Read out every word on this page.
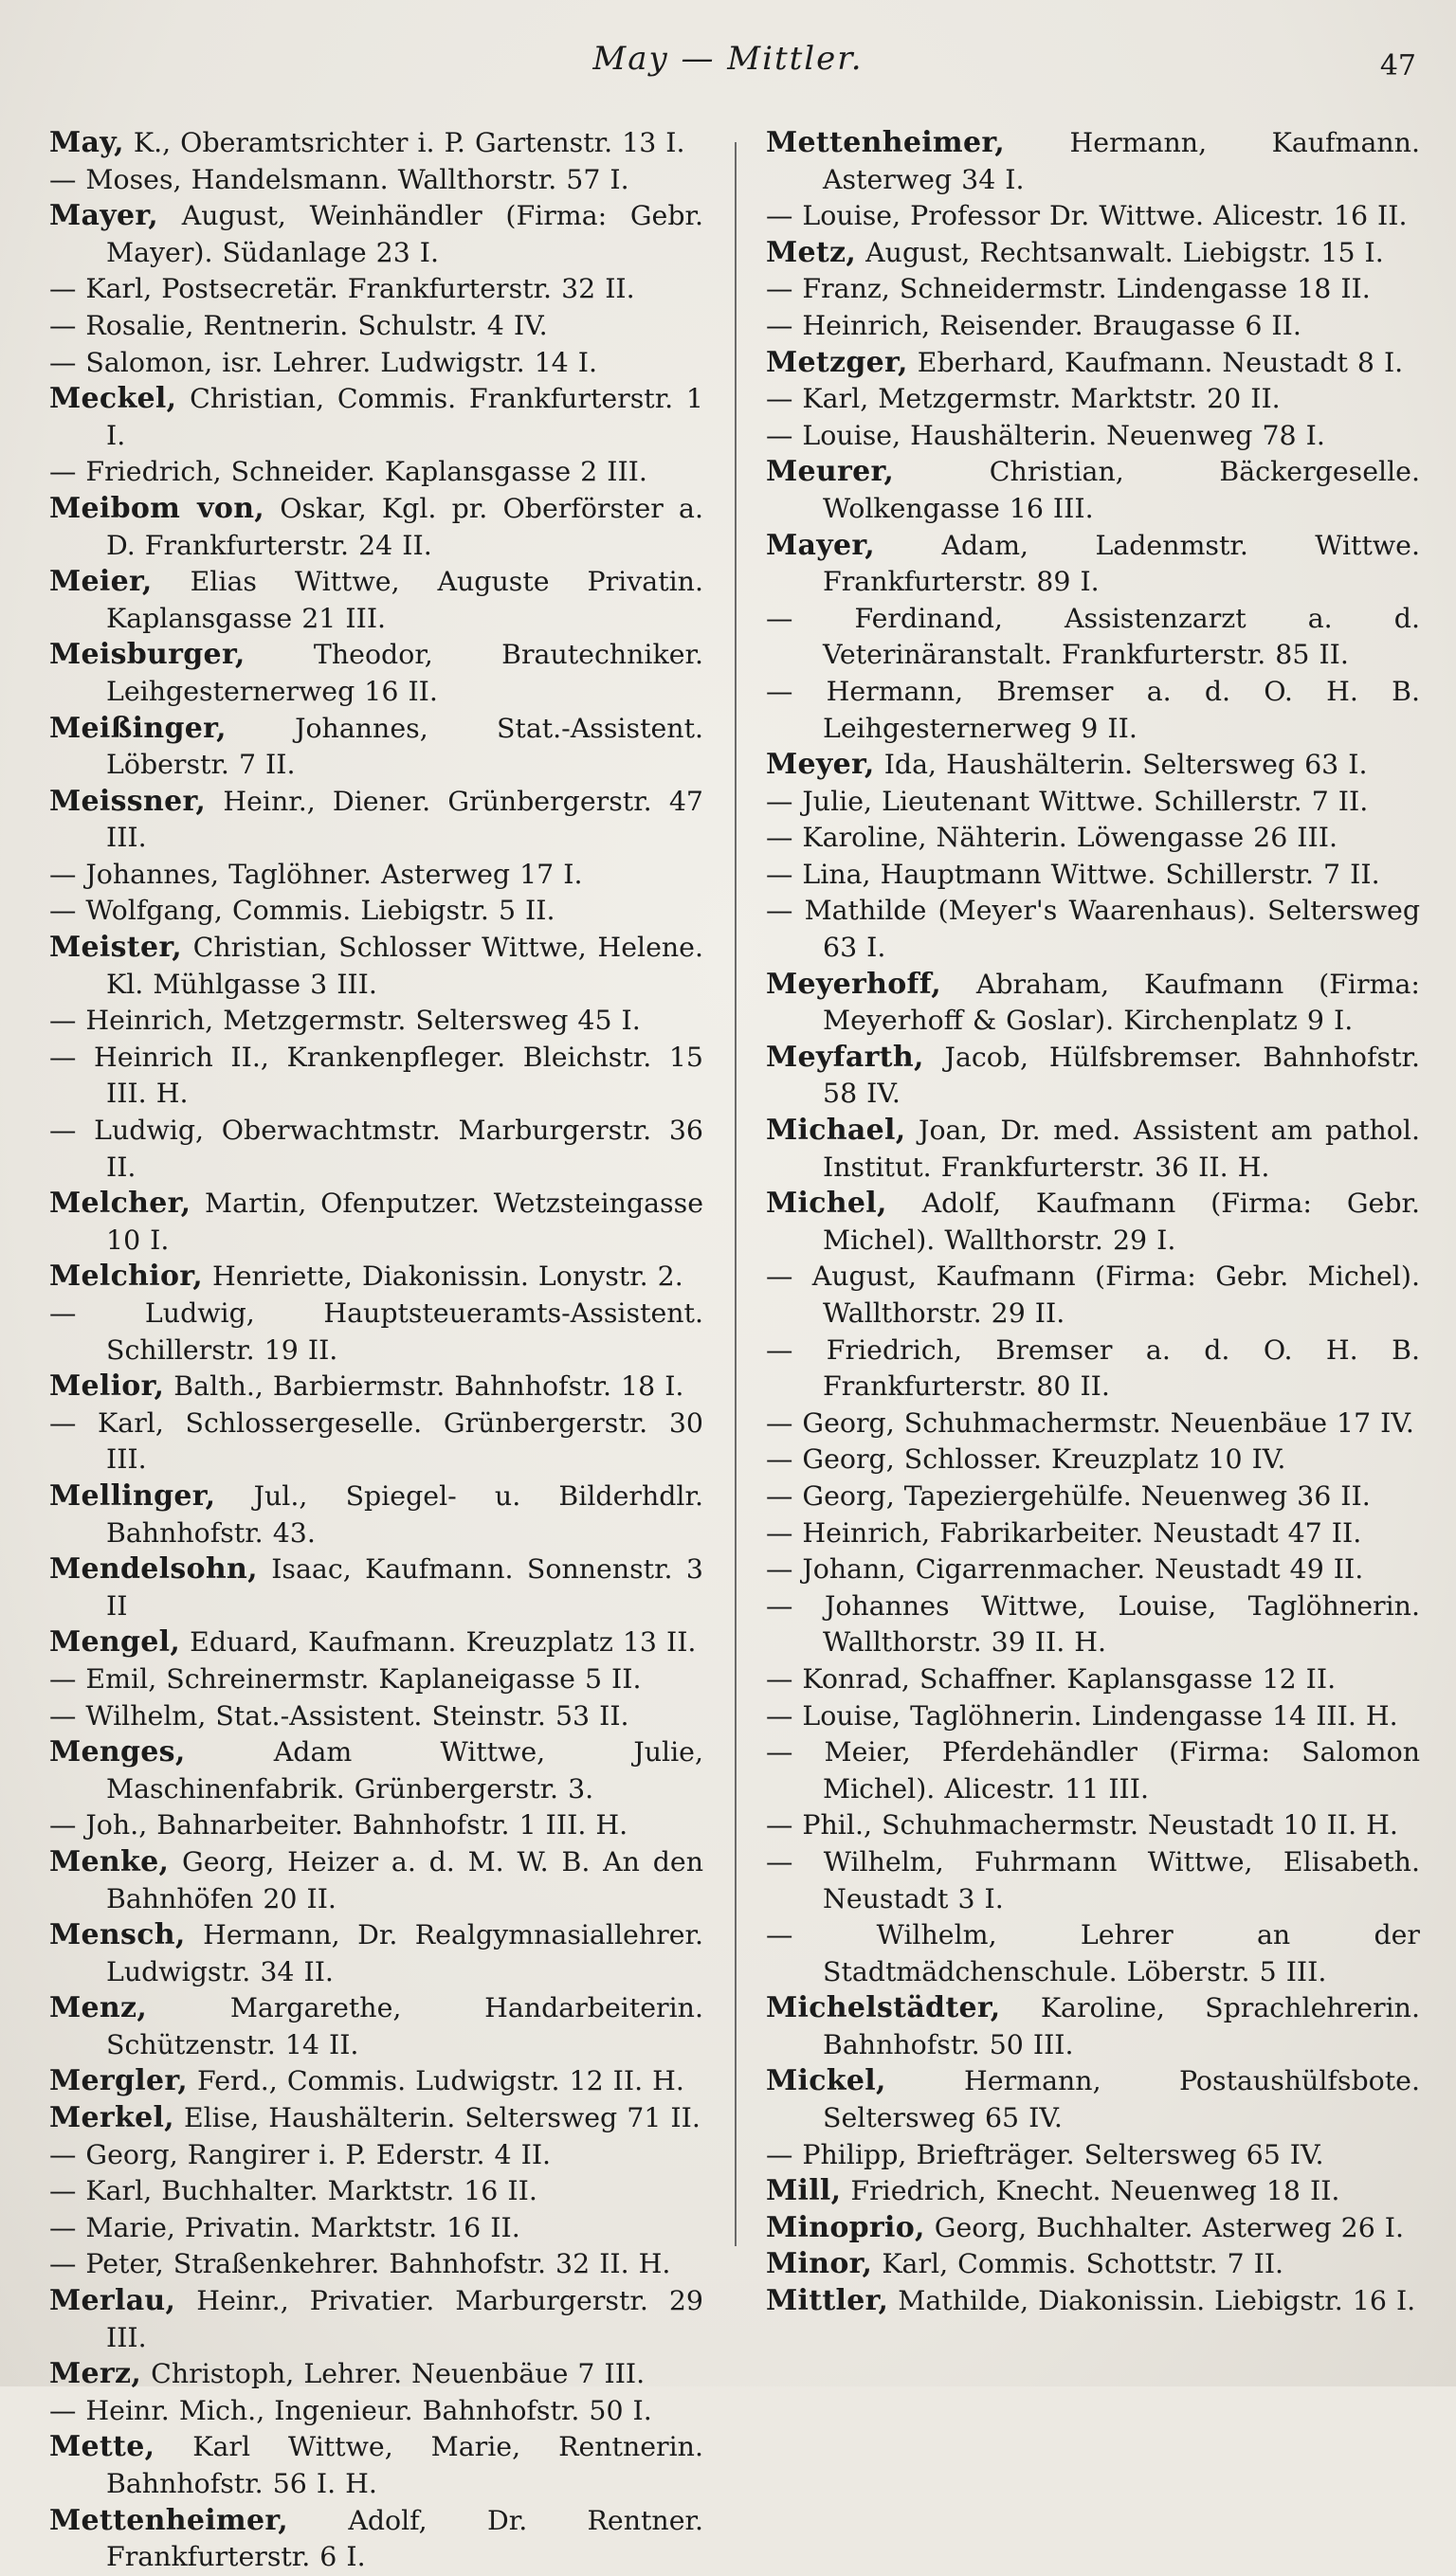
May — Mittler.	47

May, K., Oberamtsrichter i. P. Gartenstr. 13 I.

— Moses, Handelsmann. Wallthorstr. 57 I.

Mayer, August, Weinhändler (Firma: Gebr. Mayer). Südanlage 23 I.

— Karl, Postsecretär. Frankfurterstr. 32 II.

— Rosalie, Rentnerin. Schulstr. 4 IV.

— Salomon, isr. Lehrer. Ludwigstr. 14 I.

Meckel, Christian, Commis. Frankfurterstr. 1 I.

— Friedrich, Schneider. Kaplansgasse 2 III.

Meibom von, Oskar, Kgl. pr. Oberförster a. D. Frankfurterstr. 24 II.

Meier, Elias Wittwe, Auguste Privatin. Kaplansgasse 21 III.

Meisburger, Theodor, Brautechniker. Leihgesternerweg 16 II.

Meißinger, Johannes, Stat.-Assistent. Löberstr. 7 II.

Meissner, Heinr., Diener. Grünbergerstr. 47 III.

— Johannes, Taglöhner. Asterweg 17 I.

— Wolfgang, Commis. Liebigstr. 5 II.

Meister, Christian, Schlosser Wittwe, Helene. Kl. Mühlgasse 3 III.

— Heinrich, Metzgermstr. Seltersweg 45 I.

— Heinrich II., Krankenpfleger. Bleichstr. 15 III. H.

— Ludwig, Oberwachtmstr. Marburgerstr. 36 II.

Melcher, Martin, Ofenputzer. Wetzsteingasse 10 I.

Melchior, Henriette, Diakonissin. Lonystr. 2.

— Ludwig, Hauptsteueramts-Assistent. Schillerstr. 19 II.

Melior, Balth., Barbiermstr. Bahnhofstr. 18 I.

— Karl, Schlossergeselle. Grünbergerstr. 30 III.

Mellinger, Jul., Spiegel- u. Bilderhdlr. Bahnhofstr. 43.

Mendelsohn, Isaac, Kaufmann. Sonnenstr. 3 II

Mengel, Eduard, Kaufmann. Kreuzplatz 13 II.

— Emil, Schreinermstr. Kaplaneigasse 5 II.

— Wilhelm, Stat.-Assistent. Steinstr. 53 II.

Menges, Adam Wittwe, Julie, Maschinenfabrik. Grünbergerstr. 3.

— Joh., Bahnarbeiter. Bahnhofstr. 1 III. H.

Menke, Georg, Heizer a. d. M. W. B. An den Bahnhöfen 20 II.

Mensch, Hermann, Dr. Realgymnasiallehrer. Ludwigstr. 34 II.

Menz, Margarethe, Handarbeiterin. Schützenstr. 14 II.

Mergler, Ferd., Commis. Ludwigstr. 12 II. H.

Merkel, Elise, Haushälterin. Seltersweg 71 II.

— Georg, Rangirer i. P. Ederstr. 4 II.

— Karl, Buchhalter. Marktstr. 16 II.

— Marie, Privatin. Marktstr. 16 II.

— Peter, Straßenkehrer. Bahnhofstr. 32 II. H.

Merlau, Heinr., Privatier. Marburgerstr. 29 III.

Merz, Christoph, Lehrer. Neuenbäue 7 III.

— Heinr. Mich., Ingenieur. Bahnhofstr. 50 I.

Mette, Karl Wittwe, Marie, Rentnerin. Bahnhofstr. 56 I. H.

Mettenheimer, Adolf, Dr. Rentner. Frankfurterstr. 6 I.

Mettenheimer, Hermann, Kaufmann. Asterweg 34 I.

— Louise, Professor Dr. Wittwe. Alicestr. 16 II.

Metz, August, Rechtsanwalt. Liebigstr. 15 I.

— Franz, Schneidermstr. Lindengasse 18 II.

— Heinrich, Reisender. Braugasse 6 II.

Metzger, Eberhard, Kaufmann. Neustadt 8 I.

— Karl, Metzgermstr. Marktstr. 20 II.

— Louise, Haushälterin. Neuenweg 78 I.

Meurer, Christian, Bäckergeselle. Wolkengasse 16 III.

Mayer, Adam, Ladenmstr. Wittwe. Frankfurterstr. 89 I.

— Ferdinand, Assistenzarzt a. d. Veterinäranstalt. Frankfurterstr. 85 II.

— Hermann, Bremser a. d. O. H. B. Leihgesternerweg 9 II.

Meyer, Ida, Haushälterin. Seltersweg 63 I.

— Julie, Lieutenant Wittwe. Schillerstr. 7 II.

— Karoline, Nähterin. Löwengasse 26 III.

— Lina, Hauptmann Wittwe. Schillerstr. 7 II.

— Mathilde (Meyer's Waarenhaus). Seltersweg 63 I.

Meyerhoff, Abraham, Kaufmann (Firma: Meyerhoff & Goslar). Kirchenplatz 9 I.

Meyfarth, Jacob, Hülfsbremser. Bahnhofstr. 58 IV.

Michael, Joan, Dr. med. Assistent am pathol. Institut. Frankfurterstr. 36 II. H.

Michel, Adolf, Kaufmann (Firma: Gebr. Michel). Wallthorstr. 29 I.

— August, Kaufmann (Firma: Gebr. Michel). Wallthorstr. 29 II.

— Friedrich, Bremser a. d. O. H. B. Frankfurterstr. 80 II.

— Georg, Schuhmachermstr. Neuenbäue 17 IV.

— Georg, Schlosser. Kreuzplatz 10 IV.

— Georg, Tapeziergehülfe. Neuenweg 36 II.

— Heinrich, Fabrikarbeiter. Neustadt 47 II.

— Johann, Cigarrenmacher. Neustadt 49 II.

— Johannes Wittwe, Louise, Taglöhnerin. Wallthorstr. 39 II. H.

— Konrad, Schaffner. Kaplansgasse 12 II.

— Louise, Taglöhnerin. Lindengasse 14 III. H.

— Meier, Pferdehändler (Firma: Salomon Michel). Alicestr. 11 III.

— Phil., Schuhmachermstr. Neustadt 10 II. H.

— Wilhelm, Fuhrmann Wittwe, Elisabeth. Neustadt 3 I.

— Wilhelm, Lehrer an der Stadtmädchenschule. Löberstr. 5 III.

Michelstädter, Karoline, Sprachlehrerin. Bahnhofstr. 50 III.

Mickel, Hermann, Postaushülfsbote. Seltersweg 65 IV.

— Philipp, Briefträger. Seltersweg 65 IV.

Mill, Friedrich, Knecht. Neuenweg 18 II.

Minoprio, Georg, Buchhalter. Asterweg 26 I.

Minor, Karl, Commis. Schottstr. 7 II.

Mittler, Mathilde, Diakonissin. Liebigstr. 16 I.
